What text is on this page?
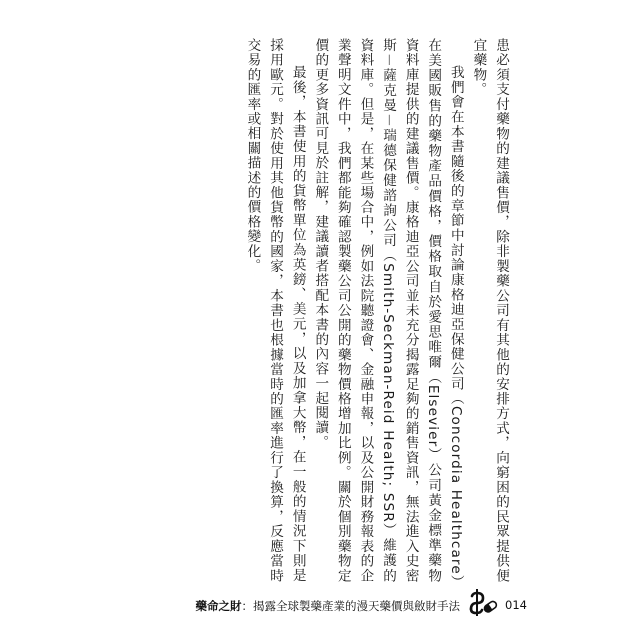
患必須支付藥物的建議售價，除非製藥公司有其他的安排方式，向窮困的民眾提供便宜藥物。

我們會在本書隨後的章節中討論康格迪亞保健公司（Concordia Healthcare）在美國販售的藥物產品價格，價格取自於愛思唯爾（Elsevier）公司黃金標準藥物資料庫提供的建議售價。康格迪亞公司並未充分揭露足夠的銷售資訊，無法進入史密斯－薩克曼－瑞德保健諮詢公司（Smith-Seckman-Reid Health; SSR）維護的資料庫。但是，在某些場合中，例如法院聽證會、金融申報，以及公開財務報表的企業聲明文件中，我們都能夠確認製藥公司公開的藥物價格增加比例。關於個別藥物定價的更多資訊可見於註解，建議讀者搭配本書的內容一起閱讀。

最後，本書使用的貨幣單位為英鎊、美元，以及加拿大幣，在一般的情況下則是採用歐元。對於使用其他貨幣的國家，本書也根據當時的匯率進行了換算，反應當時交易的匯率或相關描述的價格變化。

藥命之財：揭露全球製藥產業的漫天藥價與斂財手法	014
